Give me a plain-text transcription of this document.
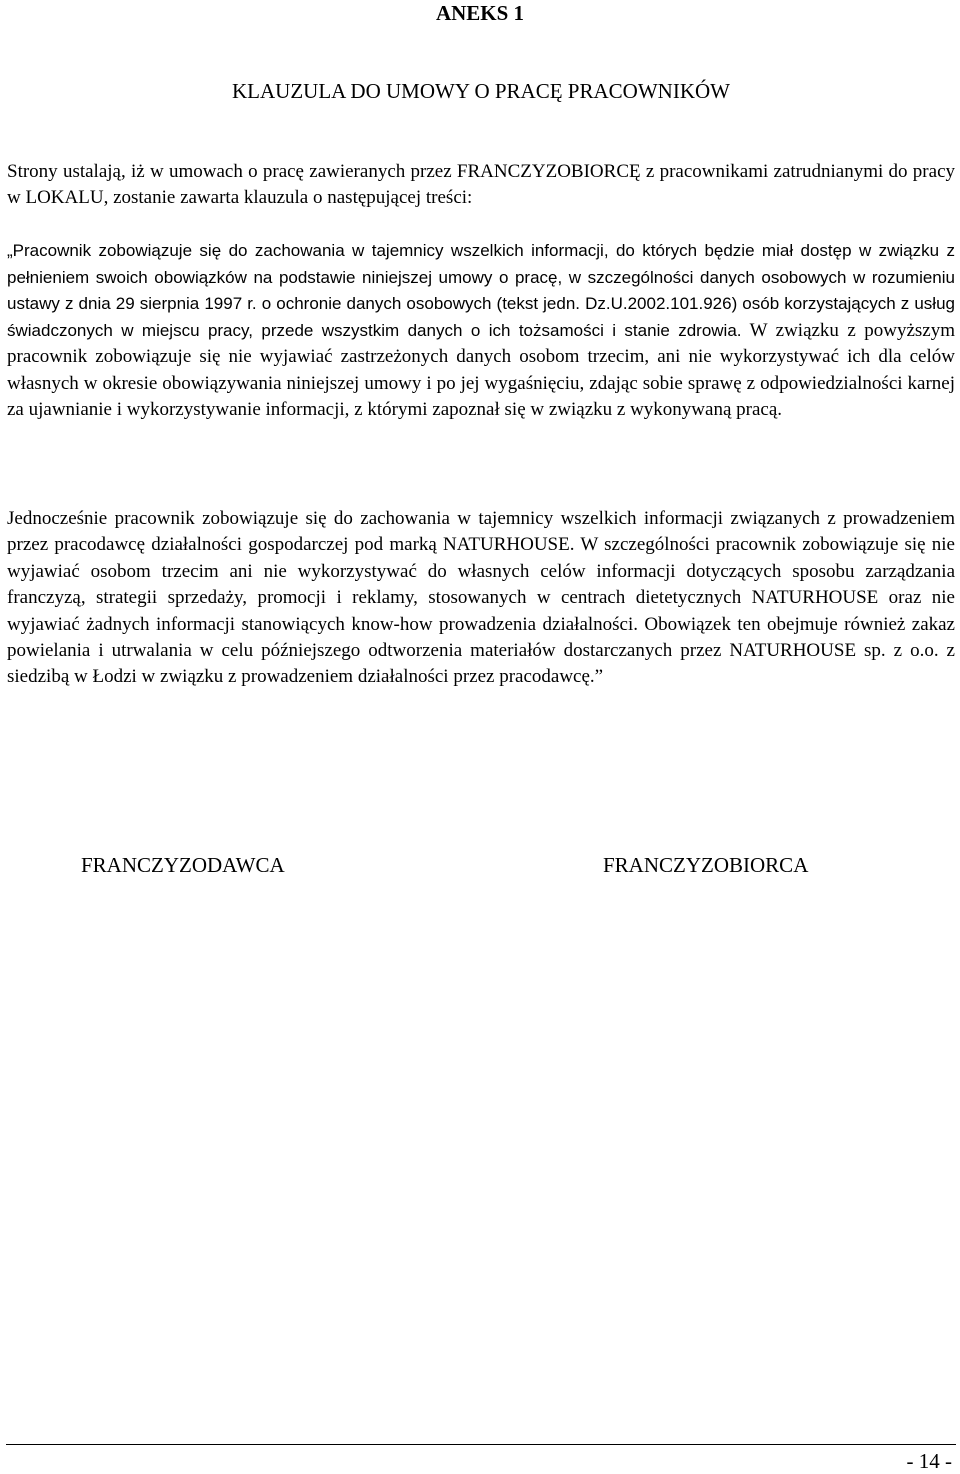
ANEKS 1
KLAUZULA DO UMOWY O PRACĘ PRACOWNIKÓW

Strony ustalają, iż w umowach o pracę zawieranych przez FRANCZYZOBIORCĘ z pracownikami zatrudnianymi do pracy w LOKALU, zostanie zawarta klauzula o następującej treści:

„Pracownik zobowiązuje się do zachowania w tajemnicy wszelkich informacji, do których będzie miał dostęp w związku z pełnieniem swoich obowiązków na podstawie niniejszej umowy o pracę, w szczególności danych osobowych w rozumieniu ustawy z dnia 29 sierpnia 1997 r. o ochronie danych osobowych (tekst jedn. Dz.U.2002.101.926) osób korzystających z usług świadczonych w miejscu pracy, przede wszystkim danych o ich tożsamości i stanie zdrowia. W związku z powyższym pracownik zobowiązuje się nie wyjawiać zastrzeżonych danych osobom trzecim, ani nie wykorzystywać ich dla celów własnych w okresie obowiązywania niniejszej umowy i po jej wygaśnięciu, zdając sobie sprawę z odpowiedzialności karnej za ujawnianie i wykorzystywanie informacji, z którymi zapoznał się w związku z wykonywaną pracą.

Jednocześnie pracownik zobowiązuje się do zachowania w tajemnicy wszelkich informacji związanych z prowadzeniem przez pracodawcę działalności gospodarczej pod marką NATURHOUSE. W szczególności pracownik zobowiązuje się nie wyjawiać osobom trzecim ani nie wykorzystywać do własnych celów informacji dotyczących sposobu zarządzania franczyzą, strategii sprzedaży, promocji i reklamy, stosowanych w centrach dietetycznych NATURHOUSE oraz nie wyjawiać żadnych informacji stanowiących know-how prowadzenia działalności. Obowiązek ten obejmuje również zakaz powielania i utrwalania w celu późniejszego odtworzenia materiałów dostarczanych przez NATURHOUSE sp. z o.o. z siedzibą w Łodzi w związku z prowadzeniem działalności przez pracodawcę.”

FRANCZYZODAWCA	FRANCZYZOBIORCA
- 14 -
